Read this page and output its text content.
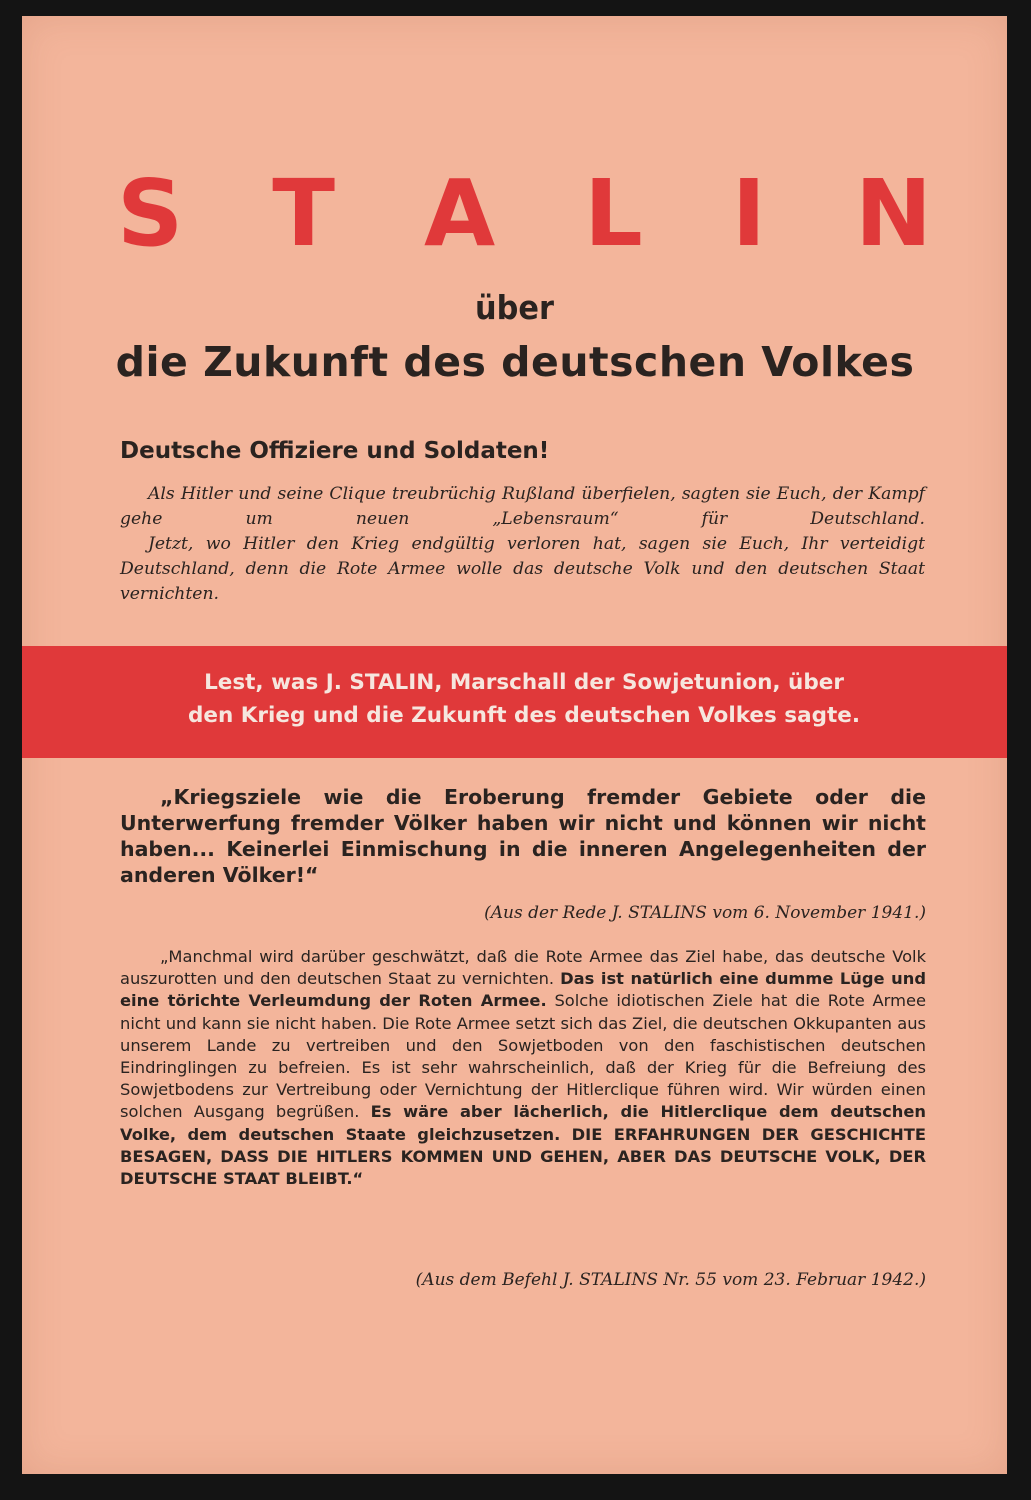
S T A L I N

über

die Zukunft des deutschen Volkes

Deutsche Offiziere und Soldaten!

Als Hitler und seine Clique treubrüchig Rußland überfielen, sagten sie Euch, der Kampf gehe um neuen „Lebensraum“ für Deutschland.

Jetzt, wo Hitler den Krieg endgültig verloren hat, sagen sie Euch, Ihr verteidigt Deutschland, denn die Rote Armee wolle das deutsche Volk und den deutschen Staat vernichten.

Lest, was J. STALIN, Marschall der Sowjetunion, über
den Krieg und die Zukunft des deutschen Volkes sagte.

„Kriegsziele wie die Eroberung fremder Gebiete oder die Unterwerfung fremder Völker haben wir nicht und können wir nicht haben... Keinerlei Einmischung in die inneren Angelegenheiten der anderen Völker!“

(Aus der Rede J. STALINS vom 6. November 1941.)

„Manchmal wird darüber geschwätzt, daß die Rote Armee das Ziel habe, das deutsche Volk auszurotten und den deutschen Staat zu vernichten. Das ist natürlich eine dumme Lüge und eine törichte Verleumdung der Roten Armee. Solche idiotischen Ziele hat die Rote Armee nicht und kann sie nicht haben. Die Rote Armee setzt sich das Ziel, die deutschen Okkupanten aus unserem Lande zu vertreiben und den Sowjetboden von den faschistischen deutschen Eindringlingen zu befreien. Es ist sehr wahrscheinlich, daß der Krieg für die Befreiung des Sowjetbodens zur Vertreibung oder Vernichtung der Hitlerclique führen wird. Wir würden einen solchen Ausgang begrüßen. Es wäre aber lächerlich, die Hitlerclique dem deutschen Volke, dem deutschen Staate gleichzusetzen. DIE ERFAHRUNGEN DER GESCHICHTE BESAGEN, DASS DIE HITLERS KOMMEN UND GEHEN, ABER DAS DEUTSCHE VOLK, DER DEUTSCHE STAAT BLEIBT.“

(Aus dem Befehl J. STALINS Nr. 55 vom 23. Februar 1942.)
